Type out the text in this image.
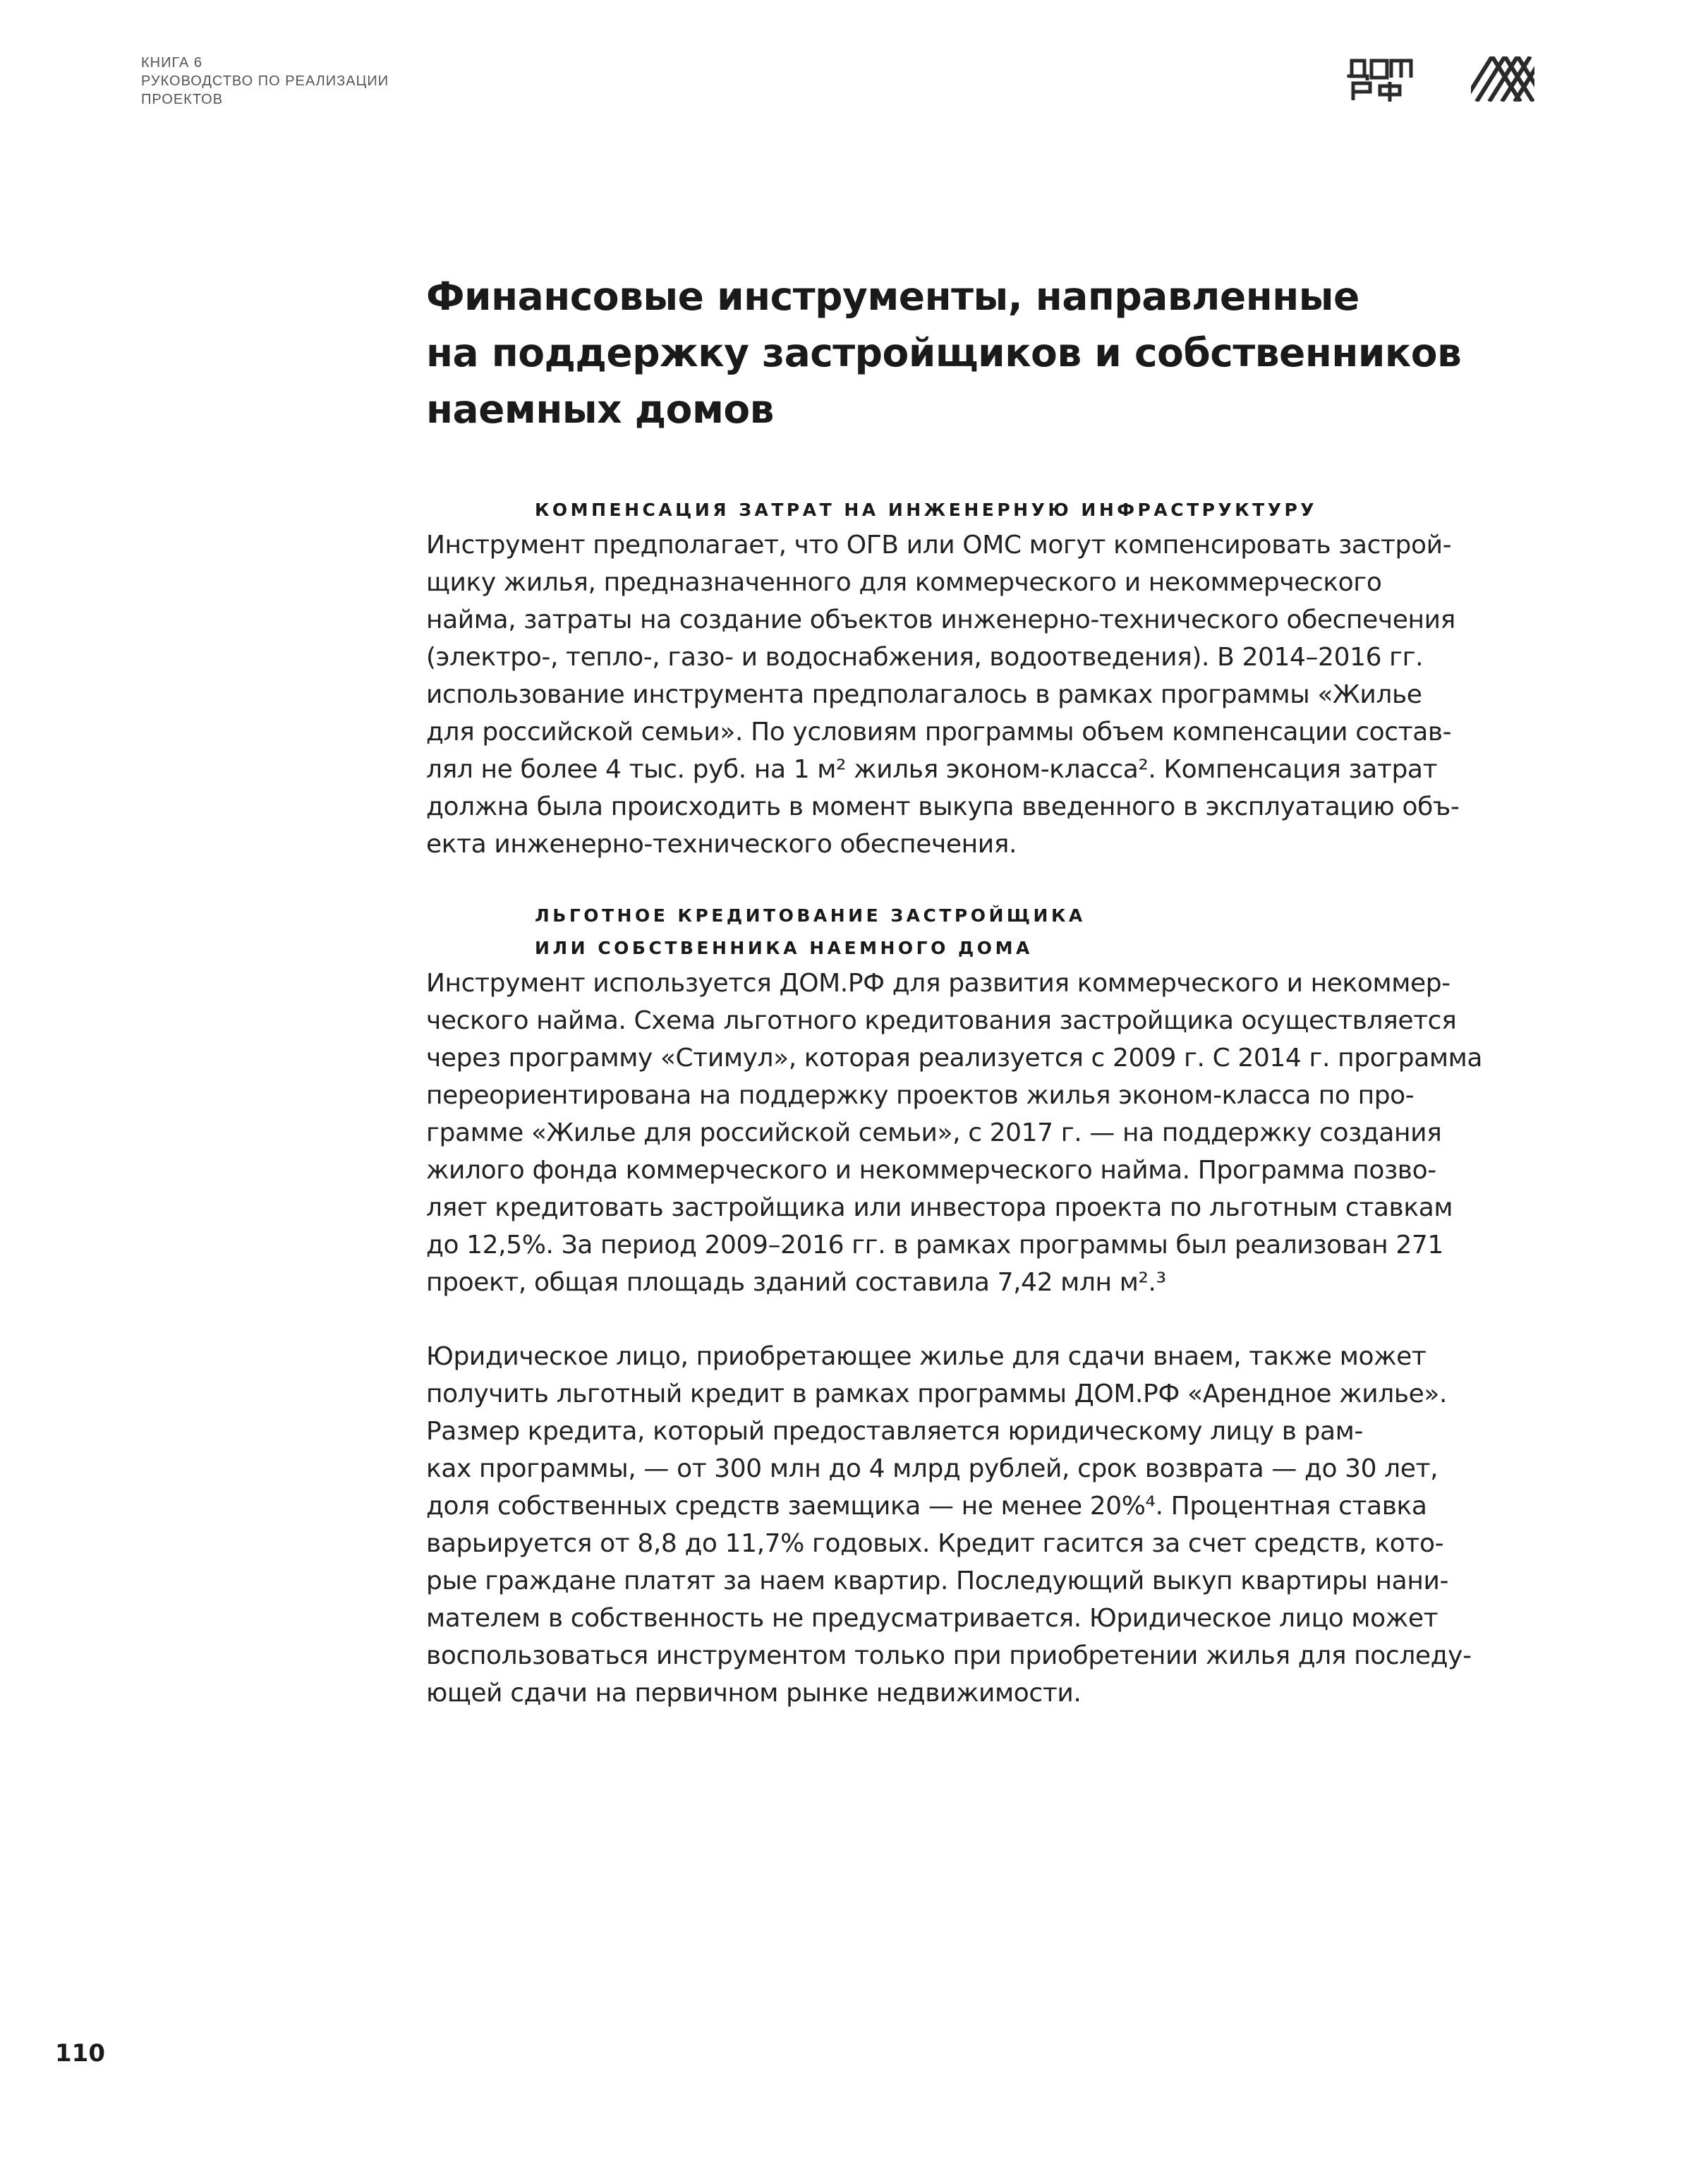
КНИГА 6
РУКОВОДСТВО ПО РЕАЛИЗАЦИИ
ПРОЕКТОВ
Финансовые инструменты, направленные
на поддержку застройщиков и собственников
наемных домов
КОМПЕНСАЦИЯ ЗАТРАТ НА ИНЖЕНЕРНУЮ ИНФРАСТРУКТУРУ

Инструмент предполагает, что ОГВ или ОМС могут компенсировать застрой-
щику жилья, предназначенного для коммерческого и некоммерческого
найма, затраты на создание объектов инженерно-технического обеспечения
(электро-, тепло-, газо- и водоснабжения, водоотведения). В 2014–2016 гг.
использование инструмента предполагалось в рамках программы «Жилье
для российской семьи». По условиям программы объем компенсации состав-
лял не более 4 тыс. руб. на 1 м² жилья эконом-класса². Компенсация затрат
должна была происходить в момент выкупа введенного в эксплуатацию объ-
екта инженерно-технического обеспечения.

ЛЬГОТНОЕ КРЕДИТОВАНИЕ ЗАСТРОЙЩИКА
ИЛИ СОБСТВЕННИКА НАЕМНОГО ДОМА

Инструмент используется ДОМ.РФ для развития коммерческого и некоммер-
ческого найма. Схема льготного кредитования застройщика осуществляется
через программу «Стимул», которая реализуется с 2009 г. С 2014 г. программа
переориентирована на поддержку проектов жилья эконом-класса по про-
грамме «Жилье для российской семьи», с 2017 г. — на поддержку создания
жилого фонда коммерческого и некоммерческого найма. Программа позво-
ляет кредитовать застройщика или инвестора проекта по льготным ставкам
до 12,5%. За период 2009–2016 гг. в рамках программы был реализован 271
проект, общая площадь зданий составила 7,42 млн м².³

Юридическое лицо, приобретающее жилье для сдачи внаем, также может
получить льготный кредит в рамках программы ДОМ.РФ «Арендное жилье».
Размер кредита, который предоставляется юридическому лицу в рам-
ках программы, — от 300 млн до 4 млрд рублей, срок возврата — до 30 лет,
доля собственных средств заемщика — не менее 20%⁴. Процентная ставка
варьируется от 8,8 до 11,7% годовых. Кредит гасится за счет средств, кото-
рые граждане платят за наем квартир. Последующий выкуп квартиры нани-
мателем в собственность не предусматривается. Юридическое лицо может
воспользоваться инструментом только при приобретении жилья для последу-
ющей сдачи на первичном рынке недвижимости.

110
